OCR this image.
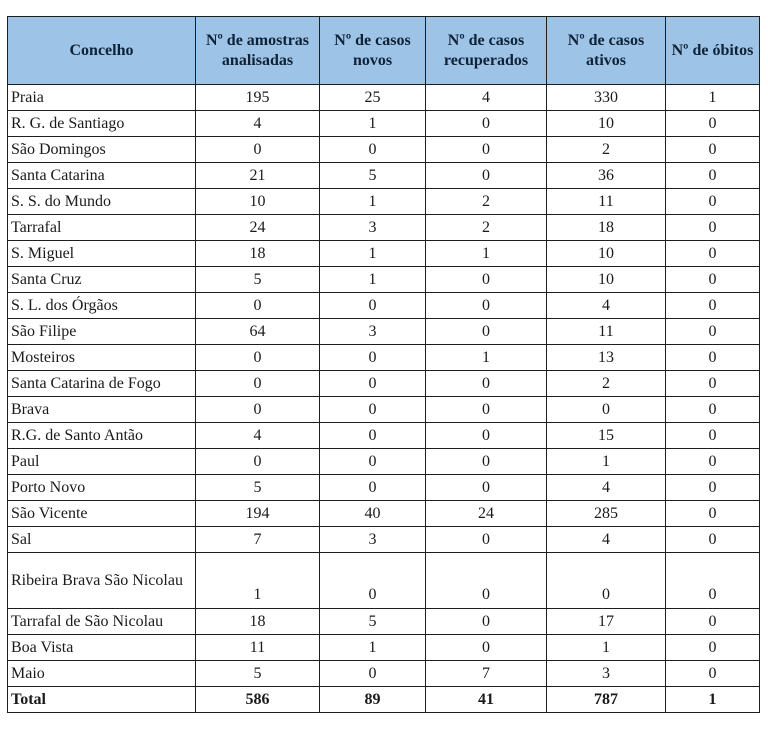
Concelho	Nº de amostras analisadas	Nº de casos novos	Nº de casos recuperados	Nº de casos ativos	Nº de óbitos
Praia	195	25	4	330	1
R. G. de Santiago	4	1	0	10	0
São Domingos	0	0	0	2	0
Santa Catarina	21	5	0	36	0
S. S. do Mundo	10	1	2	11	0
Tarrafal	24	3	2	18	0
S. Miguel	18	1	1	10	0
Santa Cruz	5	1	0	10	0
S. L. dos Órgãos	0	0	0	4	0
São Filipe	64	3	0	11	0
Mosteiros	0	0	1	13	0
Santa Catarina de Fogo	0	0	0	2	0
Brava	0	0	0	0	0
R.G. de Santo Antão	4	0	0	15	0
Paul	0	0	0	1	0
Porto Novo	5	0	0	4	0
São Vicente	194	40	24	285	0
Sal	7	3	0	4	0
Ribeira Brava São Nicolau	1	0	0	0	0
Tarrafal de São Nicolau	18	5	0	17	0
Boa Vista	11	1	0	1	0
Maio	5	0	7	3	0
Total	586	89	41	787	1
